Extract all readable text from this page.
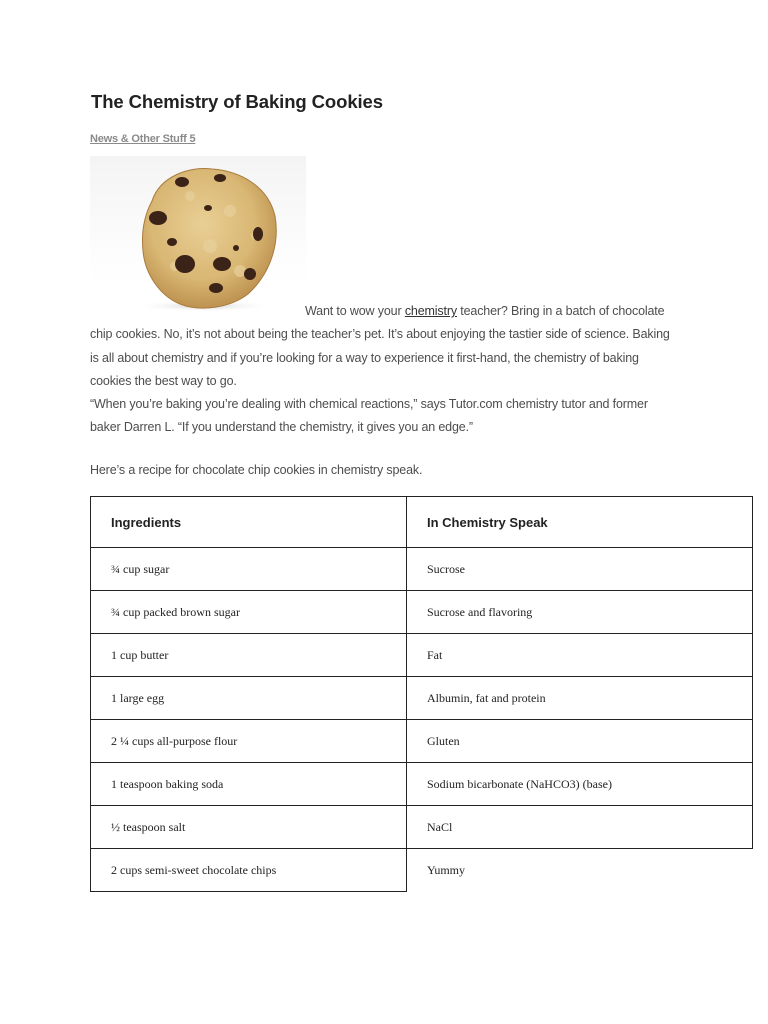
The Chemistry of Baking Cookies
News & Other Stuff 5
Want to wow your chemistry teacher? Bring in a batch of chocolate
chip cookies. No, it’s not about being the teacher’s pet. It’s about enjoying the tastier side of science. Baking is all about chemistry and if you’re looking for a way to experience it first-hand, the chemistry of baking cookies the best way to go.
“When you’re baking you’re dealing with chemical reactions,” says Tutor.com chemistry tutor and former baker Darren L. “If you understand the chemistry, it gives you an edge.”
Here’s a recipe for chocolate chip cookies in chemistry speak.
Ingredients	In Chemistry Speak
¾ cup sugar	Sucrose
¾ cup packed brown sugar	Sucrose and flavoring
1 cup butter	Fat
1 large egg	Albumin, fat and protein
2 ¼ cups all-purpose flour	Gluten
1 teaspoon baking soda	Sodium bicarbonate (NaHCO3) (base)
½ teaspoon salt	NaCl
2 cups semi-sweet chocolate chips	Yummy
